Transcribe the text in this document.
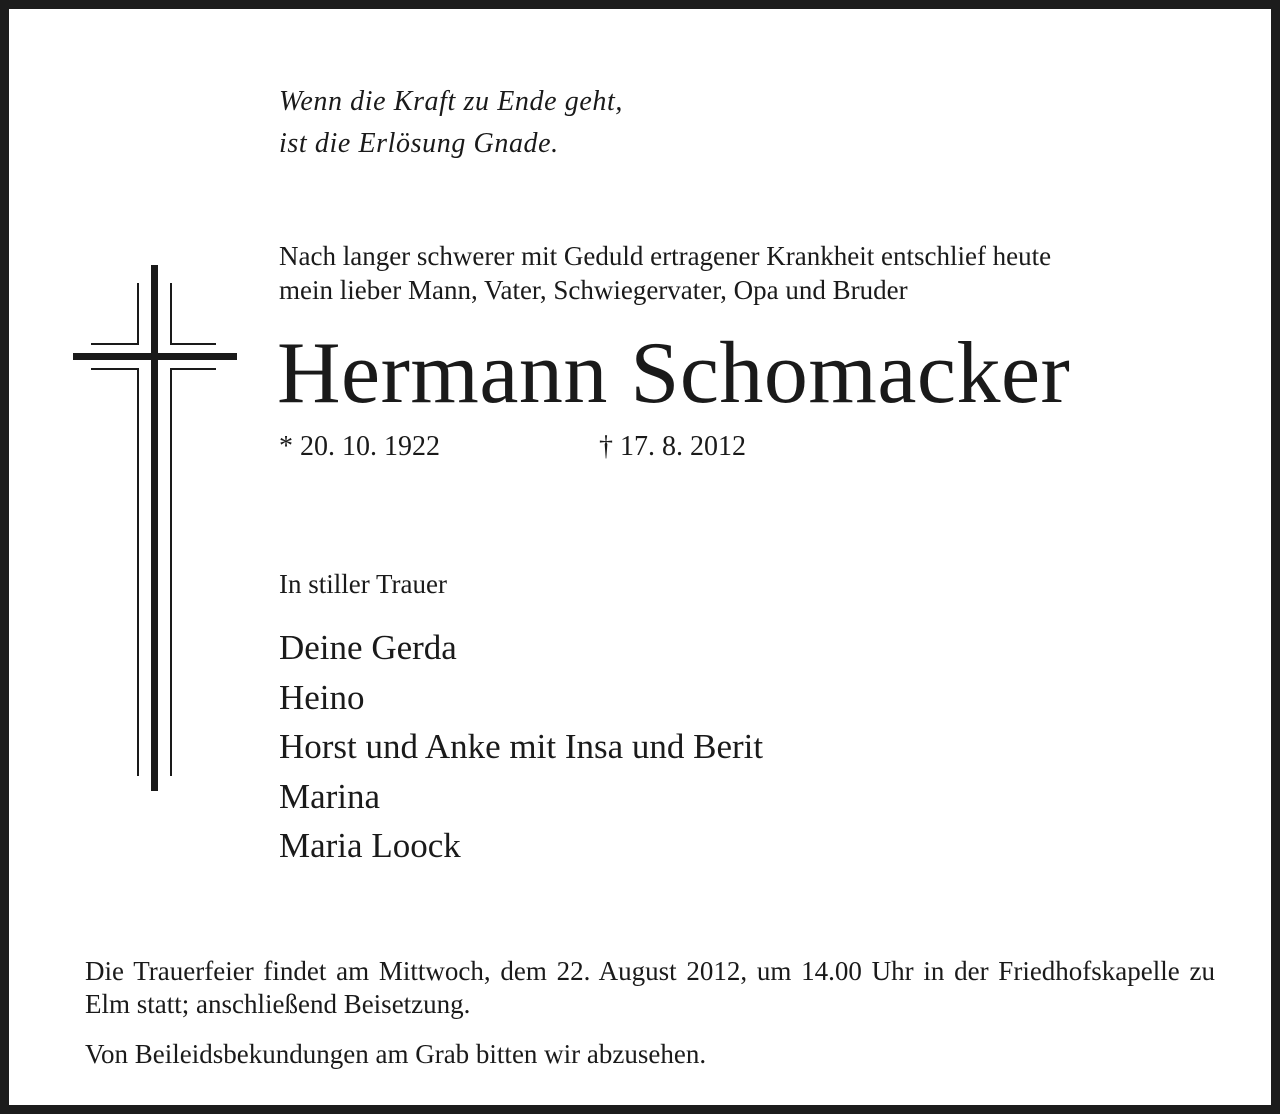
Wenn die Kraft zu Ende geht,
ist die Erlösung Gnade.
Nach langer schwerer mit Geduld ertragener Krankheit entschlief heute
mein lieber Mann, Vater, Schwiegervater, Opa und Bruder
Hermann Schomacker
* 20. 10. 1922	† 17. 8. 2012
In stiller Trauer
Deine Gerda
Heino
Horst und Anke mit Insa und Berit
Marina
Maria Loock
Die Trauerfeier findet am Mittwoch, dem 22. August 2012, um 14.00 Uhr in der Friedhofskapelle zu Elm statt; anschließend Beisetzung.
Von Beileidsbekundungen am Grab bitten wir abzusehen.
